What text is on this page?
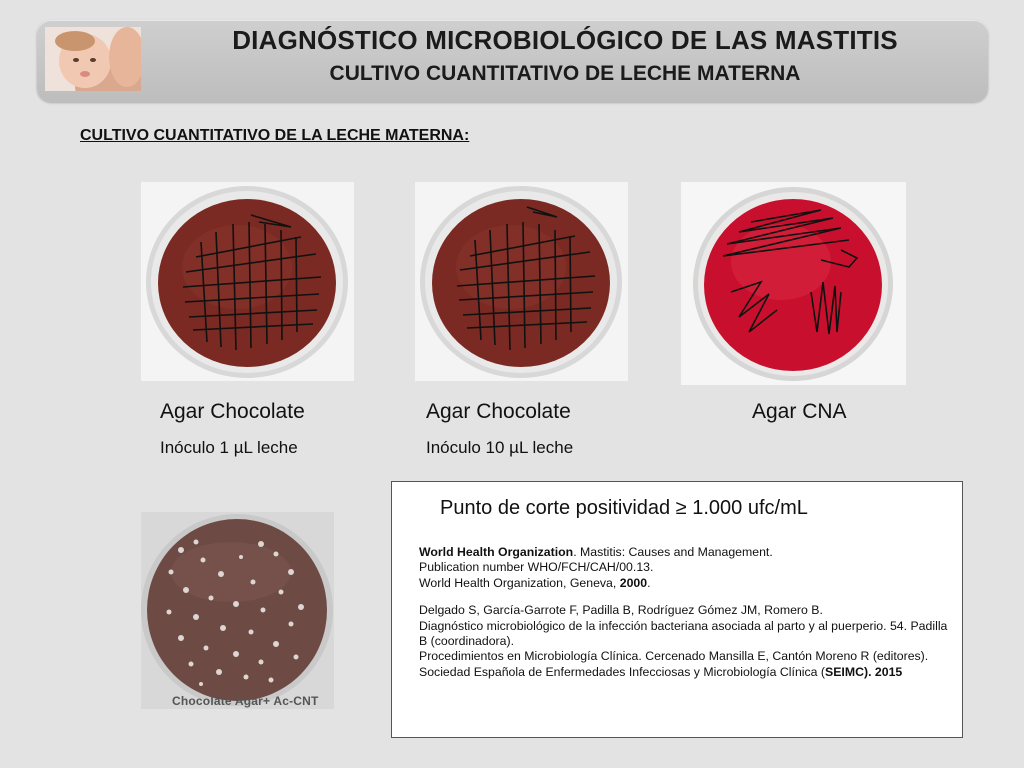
DIAGNÓSTICO MICROBIOLÓGICO DE LAS MASTITIS
CULTIVO CUANTITATIVO DE LECHE MATERNA
CULTIVO CUANTITATIVO DE LA LECHE MATERNA:
Agar Chocolate
Inóculo 1 µL leche
Agar Chocolate
Inóculo 10 µL leche
Agar CNA
Chocolate Agar+ Ac-CNT
Punto de corte positividad ≥ 1.000 ufc/mL
World Health Organization. Mastitis: Causes and Management.
Publication number WHO/FCH/CAH/00.13.
World Health Organization, Geneva, 2000.
Delgado S, García-Garrote F, Padilla B, Rodríguez Gómez JM, Romero B.
Diagnóstico microbiológico de la infección bacteriana asociada al parto y al puerperio. 54. Padilla B (coordinadora).
Procedimientos en Microbiología Clínica. Cercenado Mansilla E, Cantón Moreno R (editores).
Sociedad Española de Enfermedades Infecciosas y Microbiología Clínica (SEIMC). 2015
